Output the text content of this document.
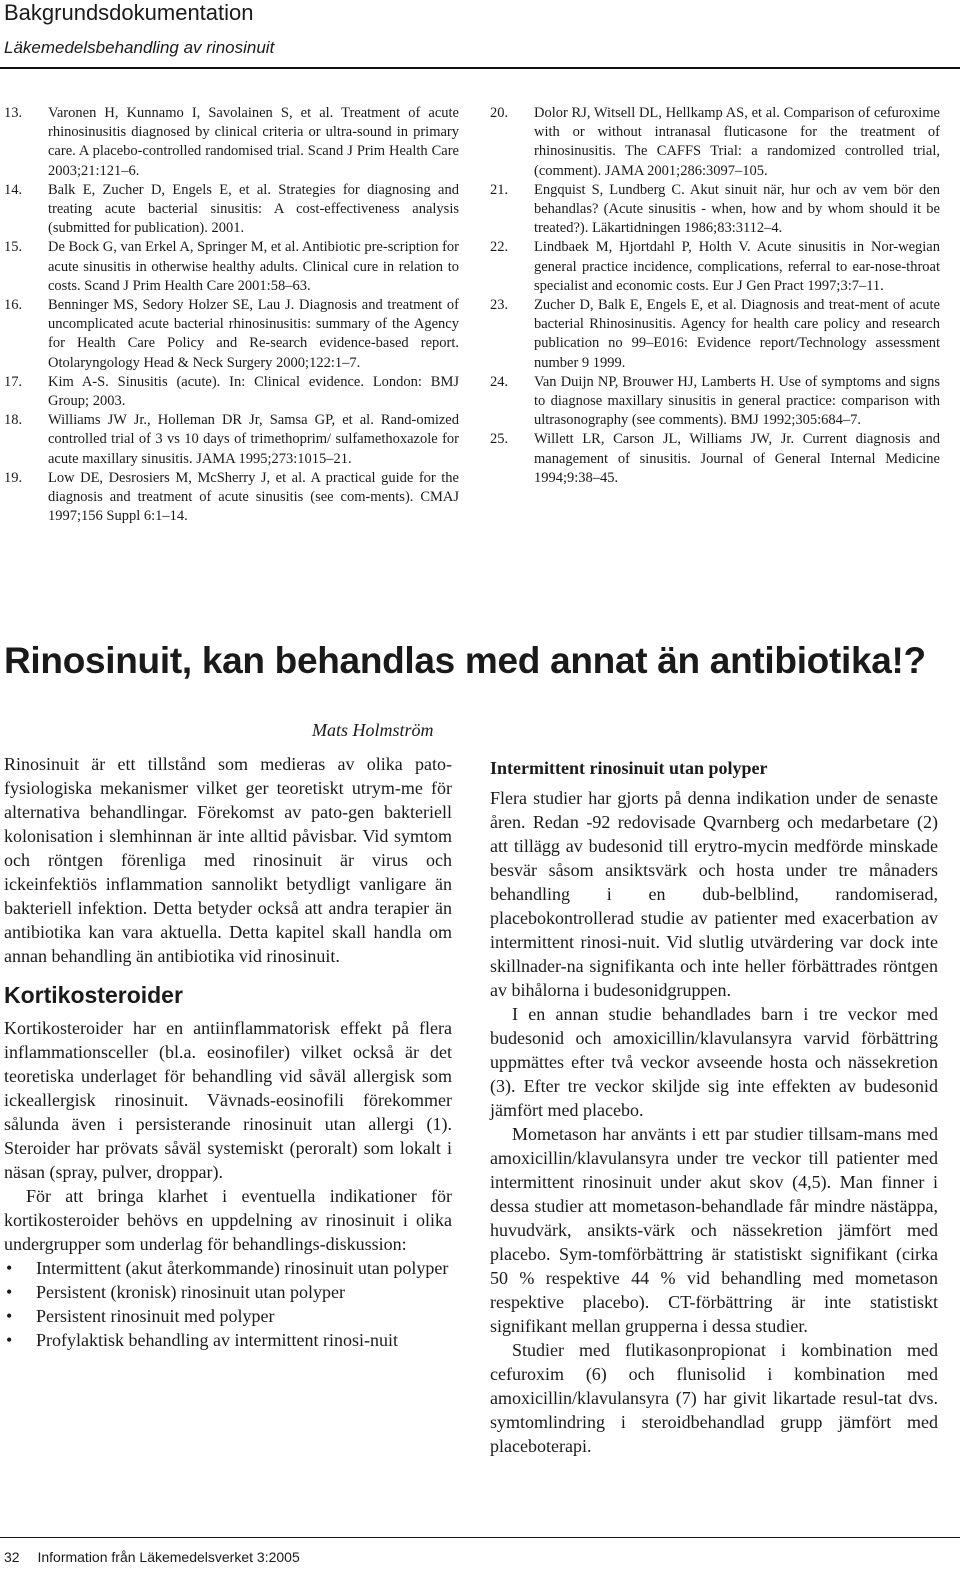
Bakgrundsdokumentation
Läkemedelsbehandling av rinosinuit

13. Varonen H, Kunnamo I, Savolainen S, et al. Treatment of acute rhinosinusitis diagnosed by clinical criteria or ultra-sound in primary care. A placebo-controlled randomised trial. Scand J Prim Health Care 2003;21:121–6.

14. Balk E, Zucher D, Engels E, et al. Strategies for diagnosing and treating acute bacterial sinusitis: A cost-effectiveness analysis (submitted for publication). 2001.

15. De Bock G, van Erkel A, Springer M, et al. Antibiotic pre-scription for acute sinusitis in otherwise healthy adults. Clinical cure in relation to costs. Scand J Prim Health Care 2001:58–63.

16. Benninger MS, Sedory Holzer SE, Lau J. Diagnosis and treatment of uncomplicated acute bacterial rhinosinusitis: summary of the Agency for Health Care Policy and Re-search evidence-based report. Otolaryngology Head & Neck Surgery 2000;122:1–7.

17. Kim A-S. Sinusitis (acute). In: Clinical evidence. London: BMJ Group; 2003.

18. Williams JW Jr., Holleman DR Jr, Samsa GP, et al. Rand-omized controlled trial of 3 vs 10 days of trimethoprim/ sulfamethoxazole for acute maxillary sinusitis. JAMA 1995;273:1015–21.

19. Low DE, Desrosiers M, McSherry J, et al. A practical guide for the diagnosis and treatment of acute sinusitis (see com-ments). CMAJ 1997;156 Suppl 6:1–14.

20. Dolor RJ, Witsell DL, Hellkamp AS, et al. Comparison of cefuroxime with or without intranasal fluticasone for the treatment of rhinosinusitis. The CAFFS Trial: a randomized controlled trial,(comment). JAMA 2001;286:3097–105.

21. Engquist S, Lundberg C. Akut sinuit när, hur och av vem bör den behandlas? (Acute sinusitis - when, how and by whom should it be treated?). Läkartidningen 1986;83:3112–4.

22. Lindbaek M, Hjortdahl P, Holth V. Acute sinusitis in Nor-wegian general practice incidence, complications, referral to ear-nose-throat specialist and economic costs. Eur J Gen Pract 1997;3:7–11.

23. Zucher D, Balk E, Engels E, et al. Diagnosis and treat-ment of acute bacterial Rhinosinusitis. Agency for health care policy and research publication no 99–E016: Evidence report/Technology assessment number 9 1999.

24. Van Duijn NP, Brouwer HJ, Lamberts H. Use of symptoms and signs to diagnose maxillary sinusitis in general practice: comparison with ultrasonography (see comments). BMJ 1992;305:684–7.

25. Willett LR, Carson JL, Williams JW, Jr. Current diagnosis and management of sinusitis. Journal of General Internal Medicine 1994;9:38–45.

Rinosinuit, kan behandlas med annat än antibiotika!?
Mats Holmström

Rinosinuit är ett tillstånd som medieras av olika pato-fysiologiska mekanismer vilket ger teoretiskt utrym-me för alternativa behandlingar. Förekomst av pato-gen bakteriell kolonisation i slemhinnan är inte alltid påvisbar. Vid symtom och röntgen förenliga med rinosinuit är virus och ickeinfektiös inflammation sannolikt betydligt vanligare än bakteriell infektion. Detta betyder också att andra terapier än antibiotika kan vara aktuella. Detta kapitel skall handla om annan behandling än antibiotika vid rinosinuit.

Kortikosteroider

Kortikosteroider har en antiinflammatorisk effekt på flera inflammationsceller (bl.a. eosinofiler) vilket också är det teoretiska underlaget för behandling vid såväl allergisk som ickeallergisk rinosinuit. Vävnads-eosinofili förekommer sålunda även i persisterande rinosinuit utan allergi (1). Steroider har prövats såväl systemiskt (peroralt) som lokalt i näsan (spray, pulver, droppar).

För att bringa klarhet i eventuella indikationer för kortikosteroider behövs en uppdelning av rinosinuit i olika undergrupper som underlag för behandlings-diskussion:

• Intermittent (akut återkommande) rinosinuit utan polyper
• Persistent (kronisk) rinosinuit utan polyper
• Persistent rinosinuit med polyper
• Profylaktisk behandling av intermittent rinosi-nuit
Intermittent rinosinuit utan polyper

Flera studier har gjorts på denna indikation under de senaste åren. Redan -92 redovisade Qvarnberg och medarbetare (2) att tillägg av budesonid till erytro-mycin medförde minskade besvär såsom ansiktsvärk och hosta under tre månaders behandling i en dub-belblind, randomiserad, placebokontrollerad studie av patienter med exacerbation av intermittent rinosi-nuit. Vid slutlig utvärdering var dock inte skillnader-na signifikanta och inte heller förbättrades röntgen av bihålorna i budesonidgruppen.

I en annan studie behandlades barn i tre veckor med budesonid och amoxicillin/klavulansyra varvid förbättring uppmättes efter två veckor avseende hosta och nässekretion (3). Efter tre veckor skiljde sig inte effekten av budesonid jämfört med placebo.

Mometason har använts i ett par studier tillsam-mans med amoxicillin/klavulansyra under tre veckor till patienter med intermittent rinosinuit under akut skov (4,5). Man finner i dessa studier att mometason-behandlade får mindre nästäppa, huvudvärk, ansikts-värk och nässekretion jämfört med placebo. Sym-tomförbättring är statistiskt signifikant (cirka 50 % respektive 44 % vid behandling med mometason respektive placebo). CT-förbättring är inte statistiskt signifikant mellan grupperna i dessa studier.

Studier med flutikasonpropionat i kombination med cefuroxim (6) och flunisolid i kombination med amoxicillin/klavulansyra (7) har givit likartade resul-tat dvs. symtomlindring i steroidbehandlad grupp jämfört med placeboterapi.

32 Information från Läkemedelsverket 3:2005
